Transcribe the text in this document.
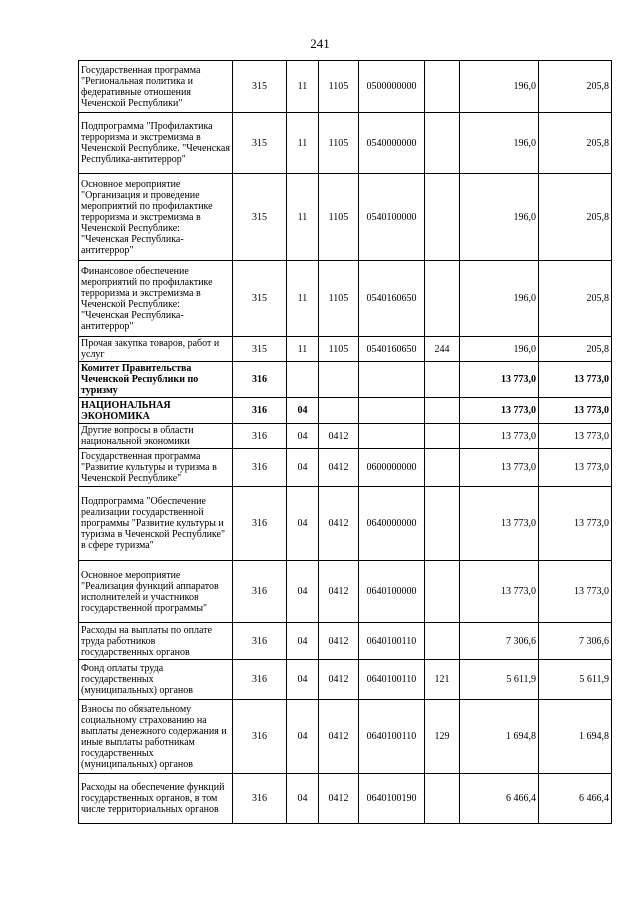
241
Государственная программа "Региональная политика и федеративные отношения Чеченской Республики"	315	11	1105	0500000000		196,0	205,8
Подпрограмма "Профилактика терроризма и экстремизма в Чеченской Республике. "Чеченская Республика-антитеррор"	315	11	1105	0540000000		196,0	205,8
Основное мероприятие "Организация и проведение мероприятий по профилактике терроризма и экстремизма в Чеченской Республике: "Чеченская Республика-антитеррор"	315	11	1105	0540100000		196,0	205,8
Финансовое обеспечение мероприятий по профилактике терроризма и экстремизма в Чеченской Республике: "Чеченская Республика-антитеррор"	315	11	1105	0540160650		196,0	205,8
Прочая закупка товаров, работ и услуг	315	11	1105	0540160650	244	196,0	205,8
Комитет Правительства Чеченской Республики по туризму	316					13 773,0	13 773,0
НАЦИОНАЛЬНАЯ ЭКОНОМИКА	316	04				13 773,0	13 773,0
Другие вопросы в области национальной экономики	316	04	0412			13 773,0	13 773,0
Государственная программа "Развитие культуры и туризма в Чеченской Республике"	316	04	0412	0600000000		13 773,0	13 773,0
Подпрограмма "Обеспечение реализации государственной программы "Развитие культуры и туризма в Чеченской Республике" в сфере туризма"	316	04	0412	0640000000		13 773,0	13 773,0
Основное мероприятие "Реализация функций аппаратов исполнителей и участников государственной программы"	316	04	0412	0640100000		13 773,0	13 773,0
Расходы на выплаты по оплате труда работников государственных органов	316	04	0412	0640100110		7 306,6	7 306,6
Фонд оплаты труда государственных (муниципальных) органов	316	04	0412	0640100110	121	5 611,9	5 611,9
Взносы по обязательному социальному страхованию на выплаты денежного содержания и иные выплаты работникам государственных (муниципальных) органов	316	04	0412	0640100110	129	1 694,8	1 694,8
Расходы на обеспечение функций государственных органов, в том числе территориальных органов	316	04	0412	0640100190		6 466,4	6 466,4
